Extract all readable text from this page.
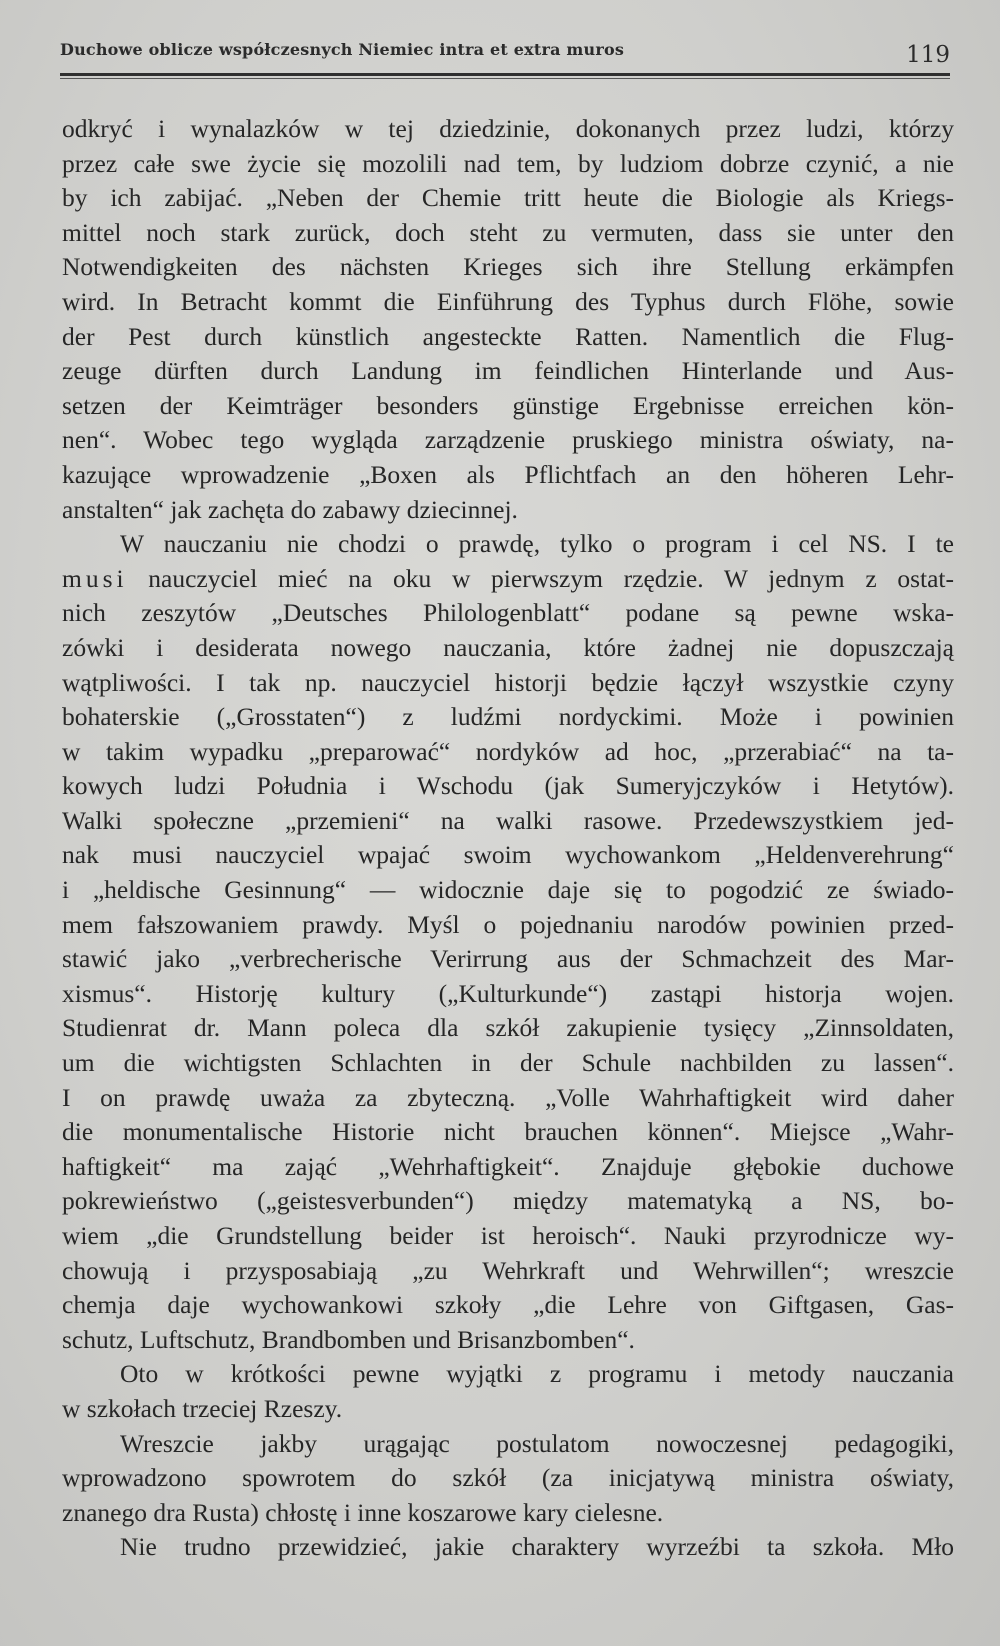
Duchowe oblicze współczesnych Niemiec intra et extra muros	119
odkryć i wynalazków w tej dziedzinie, dokonanych przez ludzi, którzy
przez całe swe życie się mozolili nad tem, by ludziom dobrze czynić, a nie
by ich zabijać. „Neben der Chemie tritt heute die Biologie als Kriegs-
mittel noch stark zurück, doch steht zu vermuten, dass sie unter den
Notwendigkeiten des nächsten Krieges sich ihre Stellung erkämpfen
wird. In Betracht kommt die Einführung des Typhus durch Flöhe, sowie
der Pest durch künstlich angesteckte Ratten. Namentlich die Flug-
zeuge dürften durch Landung im feindlichen Hinterlande und Aus-
setzen der Keimträger besonders günstige Ergebnisse erreichen kön-
nen“. Wobec tego wygląda zarządzenie pruskiego ministra oświaty, na-
kazujące wprowadzenie „Boxen als Pflichtfach an den höheren Lehr-
anstalten“ jak zachęta do zabawy dziecinnej.
W nauczaniu nie chodzi o prawdę, tylko o program i cel NS. I te
musi nauczyciel mieć na oku w pierwszym rzędzie. W jednym z ostat-
nich zeszytów „Deutsches Philologenblatt“ podane są pewne wska-
zówki i desiderata nowego nauczania, które żadnej nie dopuszczają
wątpliwości. I tak np. nauczyciel historji będzie łączył wszystkie czyny
bohaterskie („Grosstaten“) z ludźmi nordyckimi. Może i powinien
w takim wypadku „preparować“ nordyków ad hoc, „przerabiać“ na ta-
kowych ludzi Południa i Wschodu (jak Sumeryjczyków i Hetytów).
Walki społeczne „przemieni“ na walki rasowe. Przedewszystkiem jed-
nak musi nauczyciel wpajać swoim wychowankom „Heldenverehrung“
i „heldische Gesinnung“ — widocznie daje się to pogodzić ze świado-
mem fałszowaniem prawdy. Myśl o pojednaniu narodów powinien przed-
stawić jako „verbrecherische Verirrung aus der Schmachzeit des Mar-
xismus“. Historję kultury („Kulturkunde“) zastąpi historja wojen.
Studienrat dr. Mann poleca dla szkół zakupienie tysięcy „Zinnsoldaten,
um die wichtigsten Schlachten in der Schule nachbilden zu lassen“.
I on prawdę uważa za zbyteczną. „Volle Wahrhaftigkeit wird daher
die monumentalische Historie nicht brauchen können“. Miejsce „Wahr-
haftigkeit“ ma zająć „Wehrhaftigkeit“. Znajduje głębokie duchowe
pokrewieństwo („geistesverbunden“) między matematyką a NS, bo-
wiem „die Grundstellung beider ist heroisch“. Nauki przyrodnicze wy-
chowują i przysposabiają „zu Wehrkraft und Wehrwillen“; wreszcie
chemja daje wychowankowi szkoły „die Lehre von Giftgasen, Gas-
schutz, Luftschutz, Brandbomben und Brisanzbomben“.
Oto w krótkości pewne wyjątki z programu i metody nauczania
w szkołach trzeciej Rzeszy.
Wreszcie jakby urągając postulatom nowoczesnej pedagogiki,
wprowadzono spowrotem do szkół (za inicjatywą ministra oświaty,
znanego dra Rusta) chłostę i inne koszarowe kary cielesne.
Nie trudno przewidzieć, jakie charaktery wyrzeźbi ta szkoła. Mło
